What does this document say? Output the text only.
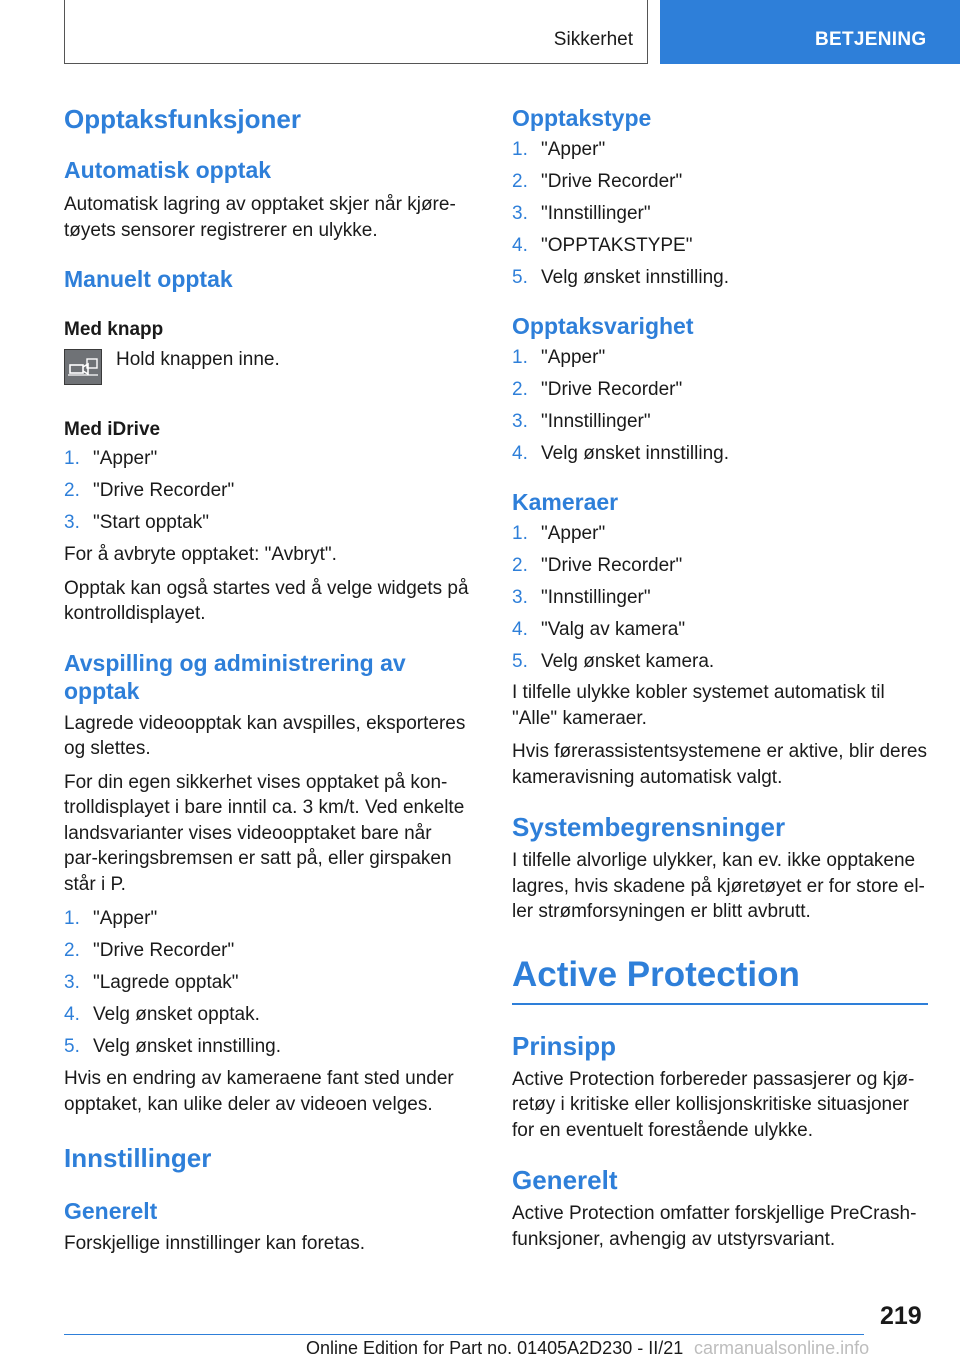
Sikkerhet	BETJENING
Opptaksfunksjoner
Automatisk opptak

Automatisk lagring av opptaket skjer når kjøre-tøyets sensorer registrerer en ulykke.

Manuelt opptak
Med knapp
Hold knappen inne.
Med iDrive
1. "Apper"
2. "Drive Recorder"
3. "Start opptak"

For å avbryte opptaket: "Avbryt".

Opptak kan også startes ved å velge widgets på kontrolldisplayet.

Avspilling og administrering av opptak

Lagrede videoopptak kan avspilles, eksporteres og slettes.

For din egen sikkerhet vises opptaket på kon-trolldisplayet i bare inntil ca. 3 km/t. Ved enkelte landsvarianter vises videoopptaket bare når par-keringsbremsen er satt på, eller girspaken står i P.

1. "Apper"
2. "Drive Recorder"
3. "Lagrede opptak"
4. Velg ønsket opptak.
5. Velg ønsket innstilling.

Hvis en endring av kameraene fant sted under opptaket, kan ulike deler av videoen velges.

Innstillinger
Generelt

Forskjellige innstillinger kan foretas.

Opptakstype
1. "Apper"
2. "Drive Recorder"
3. "Innstillinger"
4. "OPPTAKSTYPE"
5. Velg ønsket innstilling.
Opptaksvarighet
1. "Apper"
2. "Drive Recorder"
3. "Innstillinger"
4. Velg ønsket innstilling.
Kameraer
1. "Apper"
2. "Drive Recorder"
3. "Innstillinger"
4. "Valg av kamera"
5. Velg ønsket kamera.

I tilfelle ulykke kobler systemet automatisk til "Alle" kameraer.

Hvis førerassistentsystemene er aktive, blir deres kameravisning automatisk valgt.

Systembegrensninger

I tilfelle alvorlige ulykker, kan ev. ikke opptakene lagres, hvis skadene på kjøretøyet er for store el-ler strømforsyningen er blitt avbrutt.

Active Protection
Prinsipp

Active Protection forbereder passasjerer og kjø-retøy i kritiske eller kollisjonskritiske situasjoner for en eventuelt forestående ulykke.

Generelt

Active Protection omfatter forskjellige PreCrash-funksjoner, avhengig av utstyrsvariant.

219
Online Edition for Part no. 01405A2D230 - II/21 carmanualsonline.info
